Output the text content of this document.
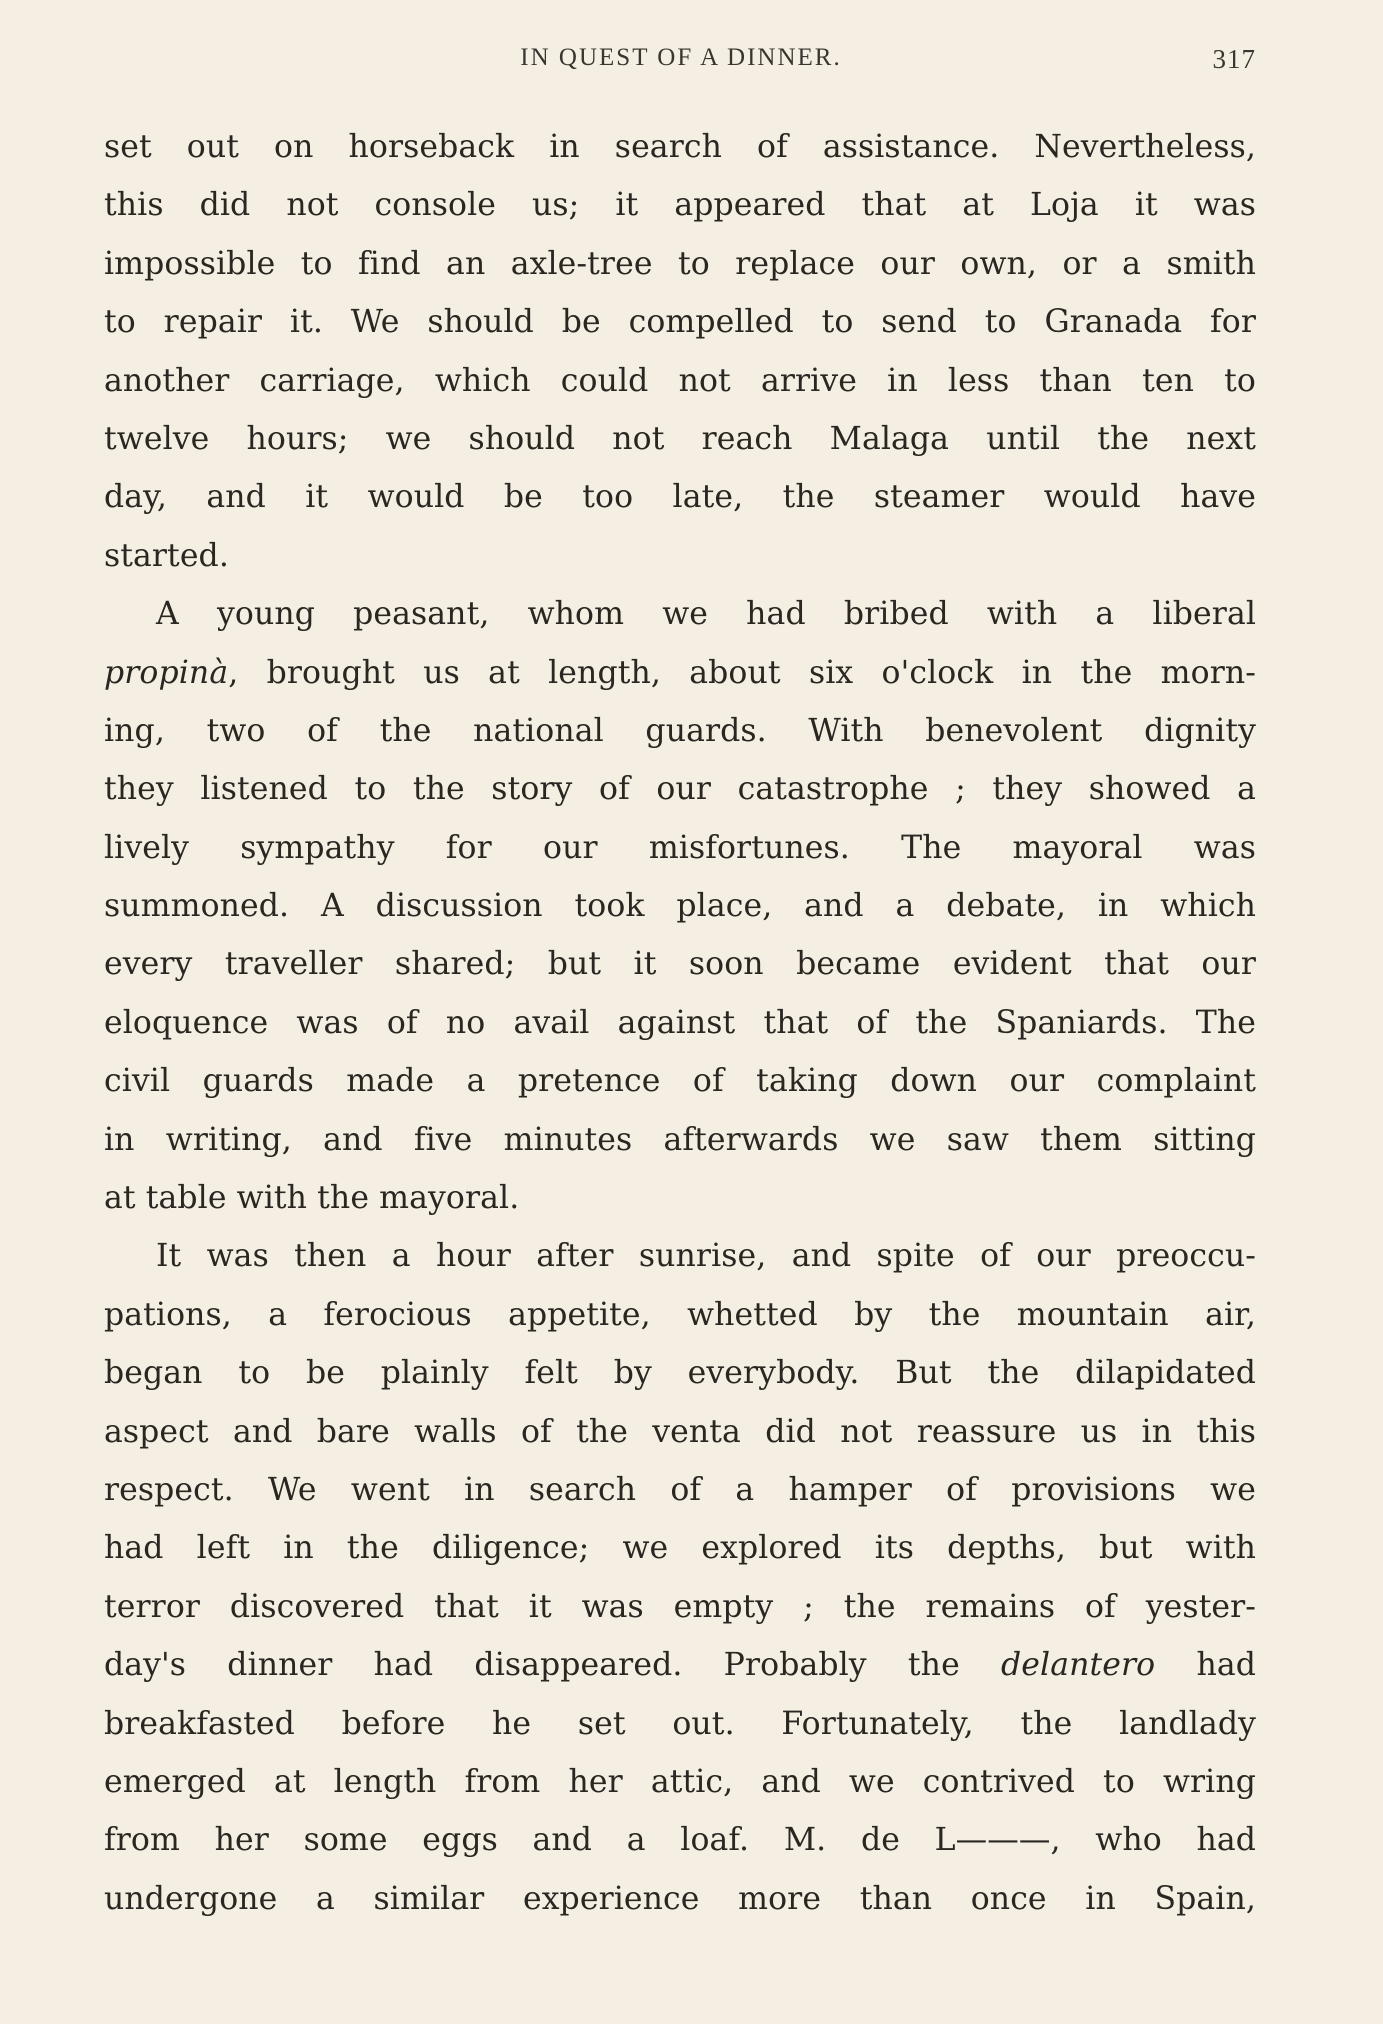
IN QUEST OF A DINNER.	317
set out on horseback in search of assistance. Nevertheless,
this did not console us; it appeared that at Loja it was
impossible to find an axle-tree to replace our own, or a smith
to repair it. We should be compelled to send to Granada for
another carriage, which could not arrive in less than ten to
twelve hours; we should not reach Malaga until the next
day, and it would be too late, the steamer would have
started.
A young peasant, whom we had bribed with a liberal
propinà, brought us at length, about six o'clock in the morn-
ing, two of the national guards. With benevolent dignity
they listened to the story of our catastrophe ; they showed a
lively sympathy for our misfortunes. The mayoral was
summoned. A discussion took place, and a debate, in which
every traveller shared; but it soon became evident that our
eloquence was of no avail against that of the Spaniards. The
civil guards made a pretence of taking down our complaint
in writing, and five minutes afterwards we saw them sitting
at table with the mayoral.
It was then a hour after sunrise, and spite of our preoccu-
pations, a ferocious appetite, whetted by the mountain air,
began to be plainly felt by everybody. But the dilapidated
aspect and bare walls of the venta did not reassure us in this
respect. We went in search of a hamper of provisions we
had left in the diligence; we explored its depths, but with
terror discovered that it was empty ; the remains of yester-
day's dinner had disappeared. Probably the delantero had
breakfasted before he set out. Fortunately, the landlady
emerged at length from her attic, and we contrived to wring
from her some eggs and a loaf. M. de L———, who had
undergone a similar experience more than once in Spain,
